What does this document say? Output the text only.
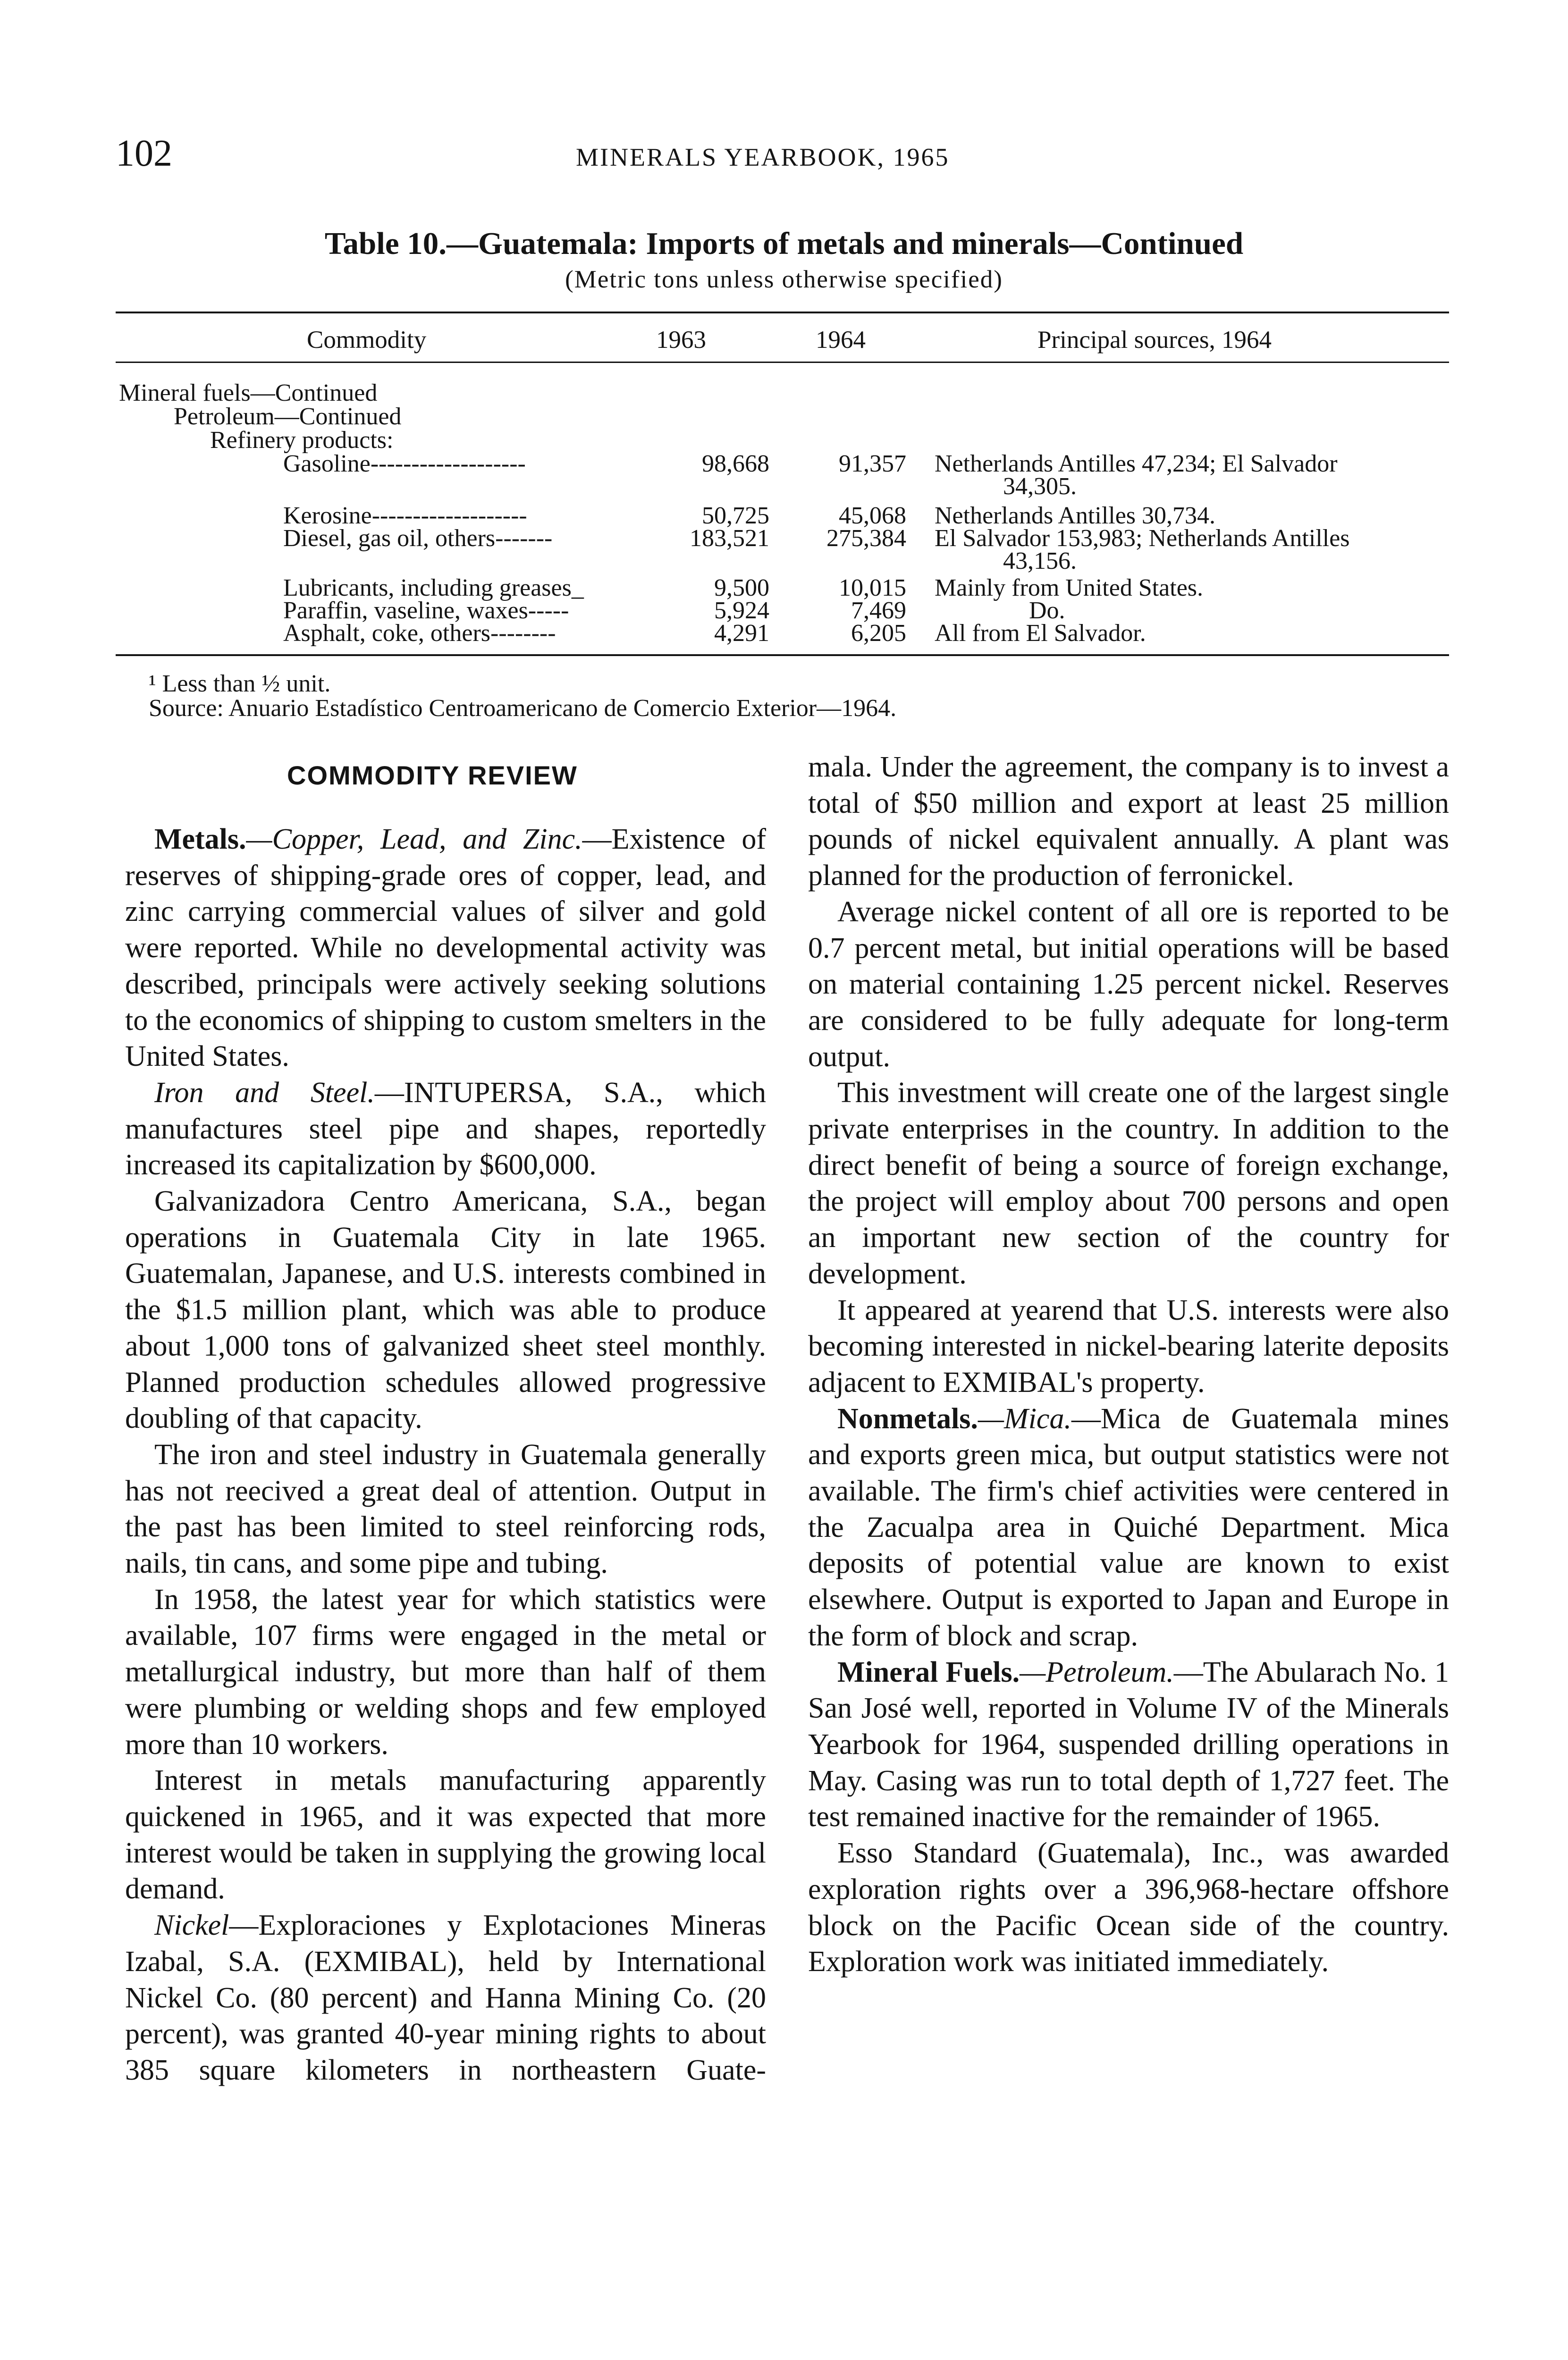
102	MINERALS YEARBOOK, 1965
Table 10.—Guatemala: Imports of metals and minerals—Continued
(Metric tons unless otherwise specified)
Commodity	1963	1964	Principal sources, 1964
Mineral fuels—Continued
Petroleum—Continued
Refinery products:
Gasoline-------------------	98,668	91,357 Netherlands Antilles 47,234; El Salvador
34,305.
Kerosine-------------------	50,725	45,068 Netherlands Antilles 30,734.
Diesel, gas oil, others-------	183,521	275,384 El Salvador 153,983; Netherlands Antilles
43,156.
Lubricants, including greases_	9,500	10,015 Mainly from United States.
Paraffin, vaseline, waxes-----	5,924	7,469	Do.
Asphalt, coke, others--------	4,291	6,205 All from El Salvador.
¹ Less than ½ unit.
Source: Anuario Estadístico Centroamericano de Comercio Exterior—1964.
COMMODITY REVIEW

Metals.—Copper, Lead, and Zinc.—Existence of reserves of shipping-grade ores of copper, lead, and zinc carrying commercial values of silver and gold were reported. While no developmental activity was described, principals were actively seeking solutions to the economics of shipping to custom smelters in the United States.

Iron and Steel.—INTUPERSA, S.A., which manufactures steel pipe and shapes, reportedly increased its capitalization by $600,000.

Galvanizadora Centro Americana, S.A., began operations in Guatemala City in late 1965. Guatemalan, Japanese, and U.S. interests combined in the $1.5 million plant, which was able to produce about 1,000 tons of galvanized sheet steel monthly. Planned production schedules allowed progressive doubling of that capacity.

The iron and steel industry in Guatemala generally has not reecived a great deal of attention. Output in the past has been limited to steel reinforcing rods, nails, tin cans, and some pipe and tubing.

In 1958, the latest year for which statistics were available, 107 firms were engaged in the metal or metallurgical industry, but more than half of them were plumbing or welding shops and few employed more than 10 workers.

Interest in metals manufacturing apparently quickened in 1965, and it was expected that more interest would be taken in supplying the growing local demand.

Nickel—Exploraciones y Explotaciones Mineras Izabal, S.A. (EXMIBAL), held by International Nickel Co. (80 percent) and Hanna Mining Co. (20 percent), was granted 40-year mining rights to about 385 square kilometers in northeastern Guate-

mala. Under the agreement, the company is to invest a total of $50 million and export at least 25 million pounds of nickel equivalent annually. A plant was planned for the production of ferronickel.

Average nickel content of all ore is reported to be 0.7 percent metal, but initial operations will be based on material containing 1.25 percent nickel. Reserves are considered to be fully adequate for long-term output.

This investment will create one of the largest single private enterprises in the country. In addition to the direct benefit of being a source of foreign exchange, the project will employ about 700 persons and open an important new section of the country for development.

It appeared at yearend that U.S. interests were also becoming interested in nickel-bearing laterite deposits adjacent to EXMIBAL's property.

Nonmetals.—Mica.—Mica de Guatemala mines and exports green mica, but output statistics were not available. The firm's chief activities were centered in the Zacualpa area in Quiché Department. Mica deposits of potential value are known to exist elsewhere. Output is exported to Japan and Europe in the form of block and scrap.

Mineral Fuels.—Petroleum.—The Abularach No. 1 San José well, reported in Volume IV of the Minerals Yearbook for 1964, suspended drilling operations in May. Casing was run to total depth of 1,727 feet. The test remained inactive for the remainder of 1965.

Esso Standard (Guatemala), Inc., was awarded exploration rights over a 396,968-hectare offshore block on the Pacific Ocean side of the country. Exploration work was initiated immediately.
